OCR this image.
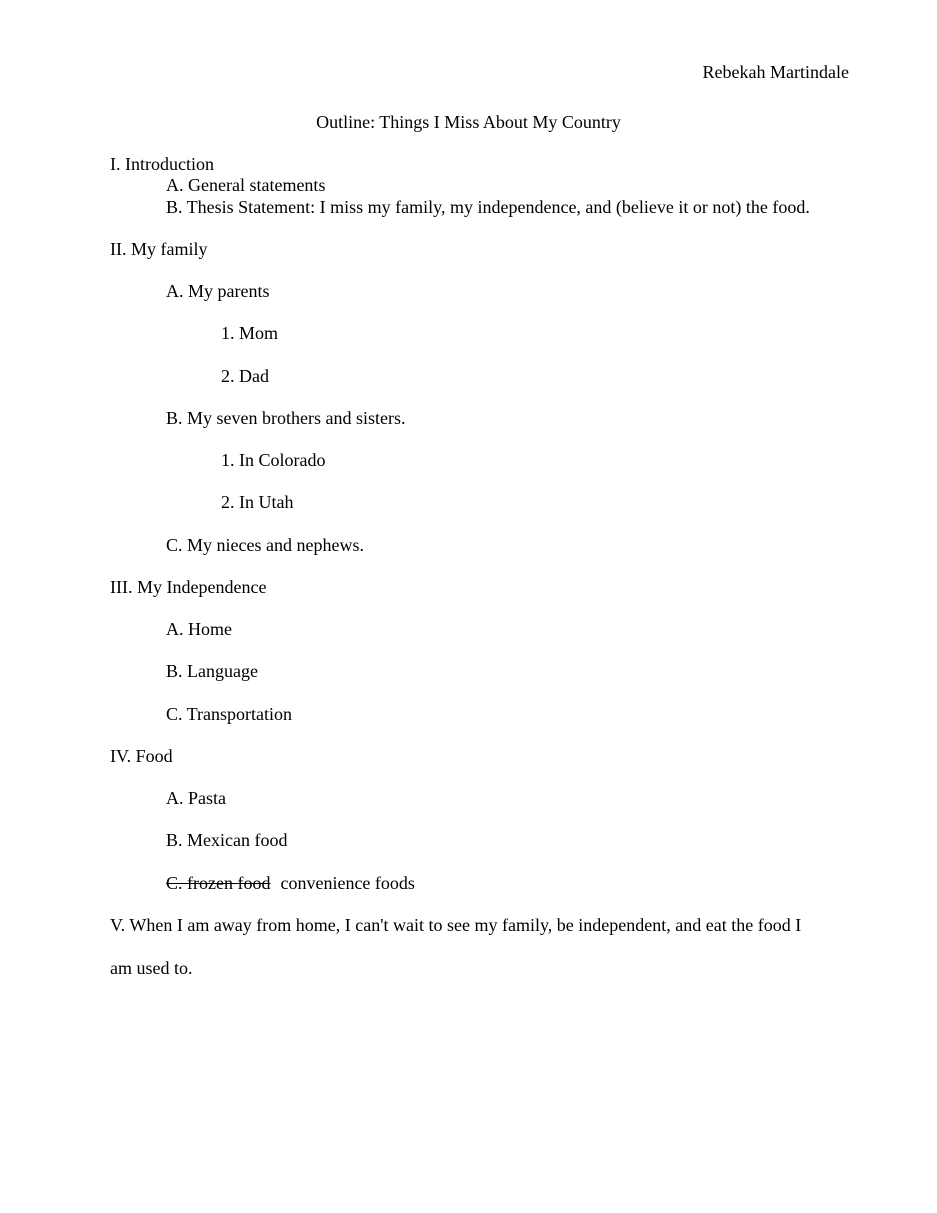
Rebekah Martindale
Outline: Things I Miss About My Country
I. Introduction
A. General statements
B. Thesis Statement: I miss my family, my independence, and (believe it or not) the food.
II. My family
A. My parents
1. Mom
2. Dad
B. My seven brothers and sisters.
1. In Colorado
2. In Utah
C. My nieces and nephews.
III. My Independence
A. Home
B. Language
C. Transportation
IV. Food
A. Pasta
B. Mexican food
C. frozen food convenience foods
V. When I am away from home, I can't wait to see my family, be independent, and eat the food I
am used to.
